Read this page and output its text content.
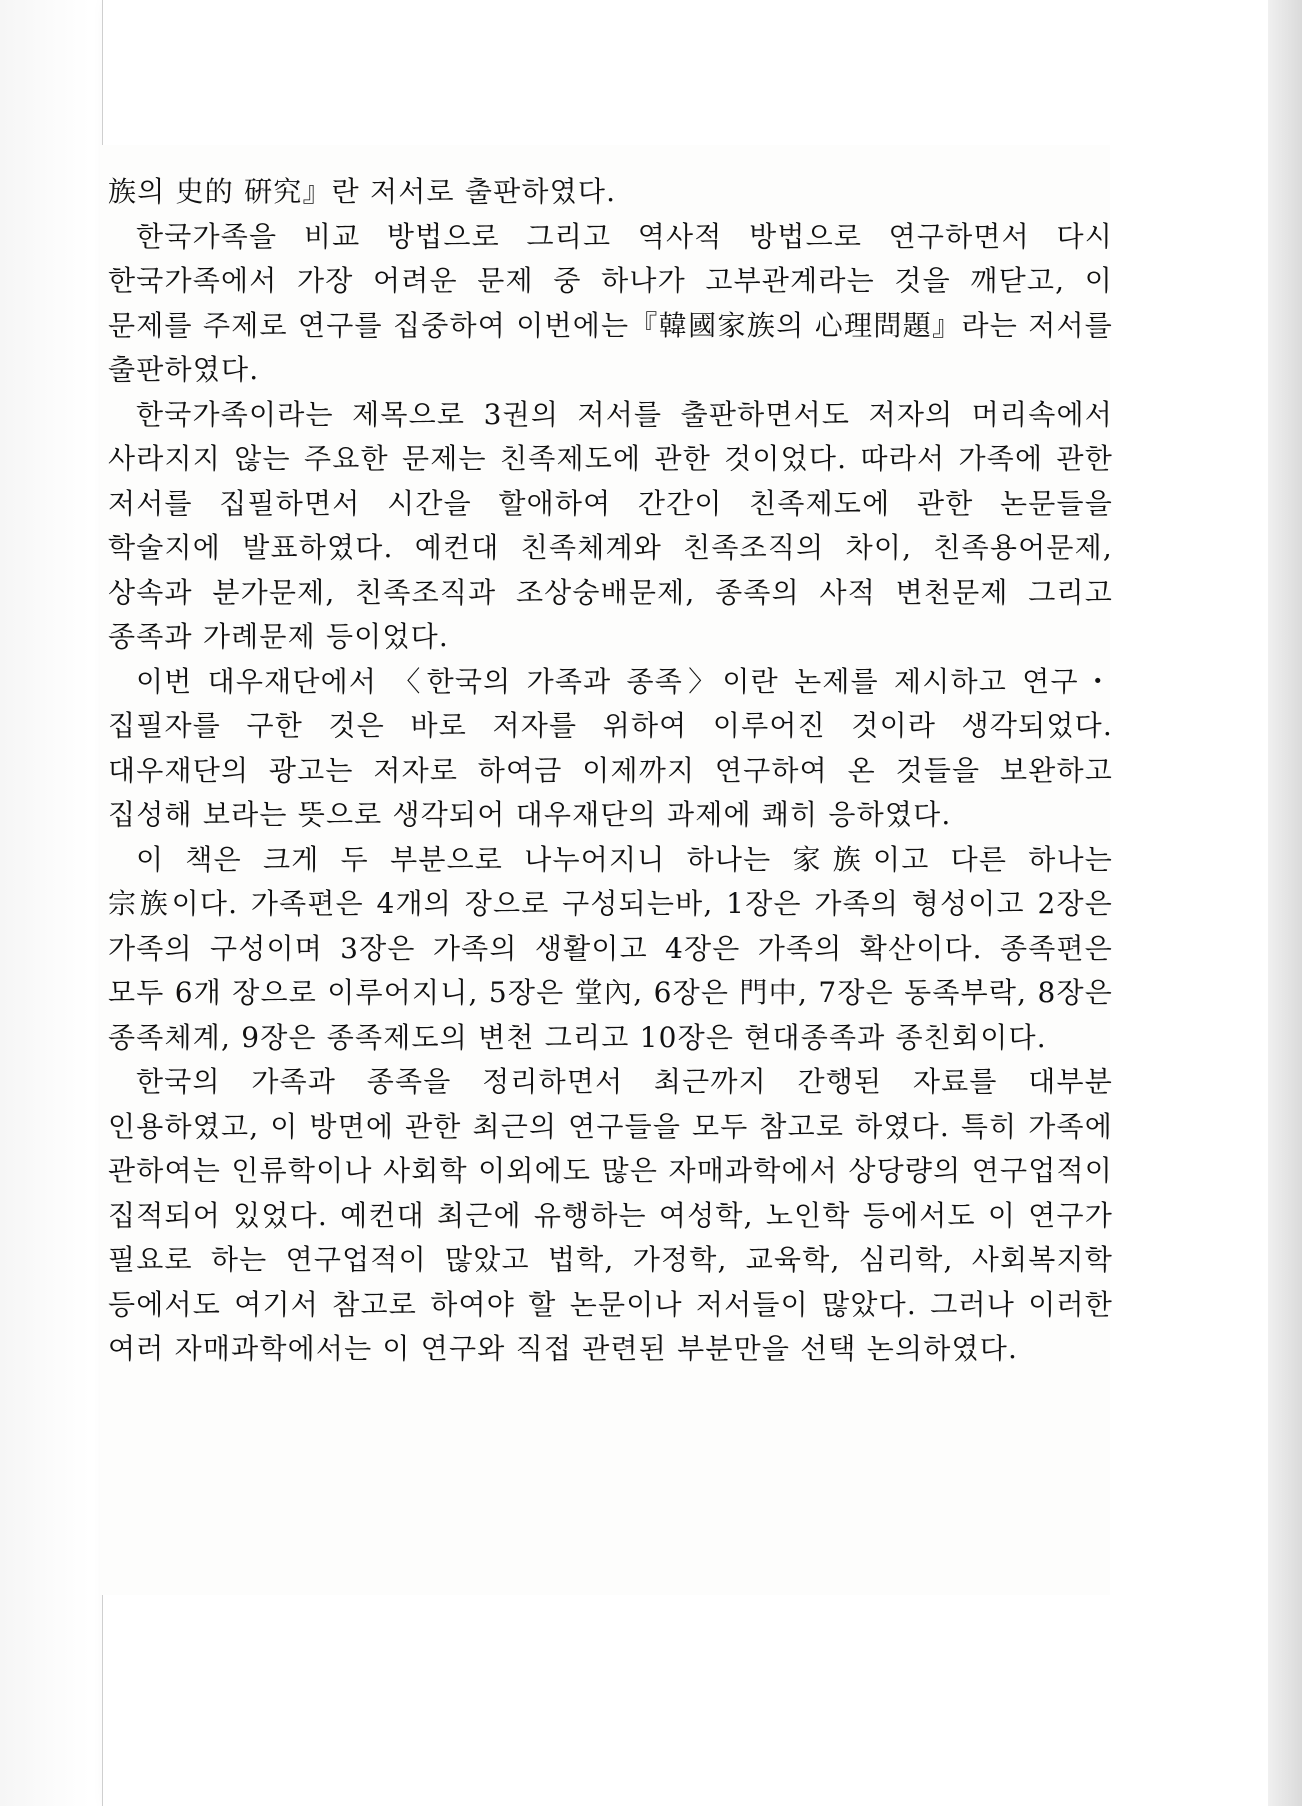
族의 史的 硏究』란 저서로 출판하였다.

한국가족을 비교 방법으로 그리고 역사적 방법으로 연구하면서 다시 한국가족에서 가장 어려운 문제 중 하나가 고부관계라는 것을 깨닫고, 이 문제를 주제로 연구를 집중하여 이번에는『韓國家族의 心理問題』라는 저서를 출판하였다.

한국가족이라는 제목으로 3권의 저서를 출판하면서도 저자의 머리속에서 사라지지 않는 주요한 문제는 친족제도에 관한 것이었다. 따라서 가족에 관한 저서를 집필하면서 시간을 할애하여 간간이 친족제도에 관한 논문들을 학술지에 발표하였다. 예컨대 친족체계와 친족조직의 차이, 친족용어문제, 상속과 분가문제, 친족조직과 조상숭배문제, 종족의 사적 변천문제 그리고 종족과 가례문제 등이었다.

이번 대우재단에서 〈한국의 가족과 종족〉이란 논제를 제시하고 연구・집필자를 구한 것은 바로 저자를 위하여 이루어진 것이라 생각되었다. 대우재단의 광고는 저자로 하여금 이제까지 연구하여 온 것들을 보완하고 집성해 보라는 뜻으로 생각되어 대우재단의 과제에 쾌히 응하였다.

이 책은 크게 두 부분으로 나누어지니 하나는 家族이고 다른 하나는 宗族이다. 가족편은 4개의 장으로 구성되는바, 1장은 가족의 형성이고 2장은 가족의 구성이며 3장은 가족의 생활이고 4장은 가족의 확산이다. 종족편은 모두 6개 장으로 이루어지니, 5장은 堂內, 6장은 門中, 7장은 동족부락, 8장은 종족체계, 9장은 종족제도의 변천 그리고 10장은 현대종족과 종친회이다.

한국의 가족과 종족을 정리하면서 최근까지 간행된 자료를 대부분 인용하였고, 이 방면에 관한 최근의 연구들을 모두 참고로 하였다. 특히 가족에 관하여는 인류학이나 사회학 이외에도 많은 자매과학에서 상당량의 연구업적이 집적되어 있었다. 예컨대 최근에 유행하는 여성학, 노인학 등에서도 이 연구가 필요로 하는 연구업적이 많았고 법학, 가정학, 교육학, 심리학, 사회복지학 등에서도 여기서 참고로 하여야 할 논문이나 저서들이 많았다. 그러나 이러한 여러 자매과학에서는 이 연구와 직접 관련된 부분만을 선택 논의하였다.
